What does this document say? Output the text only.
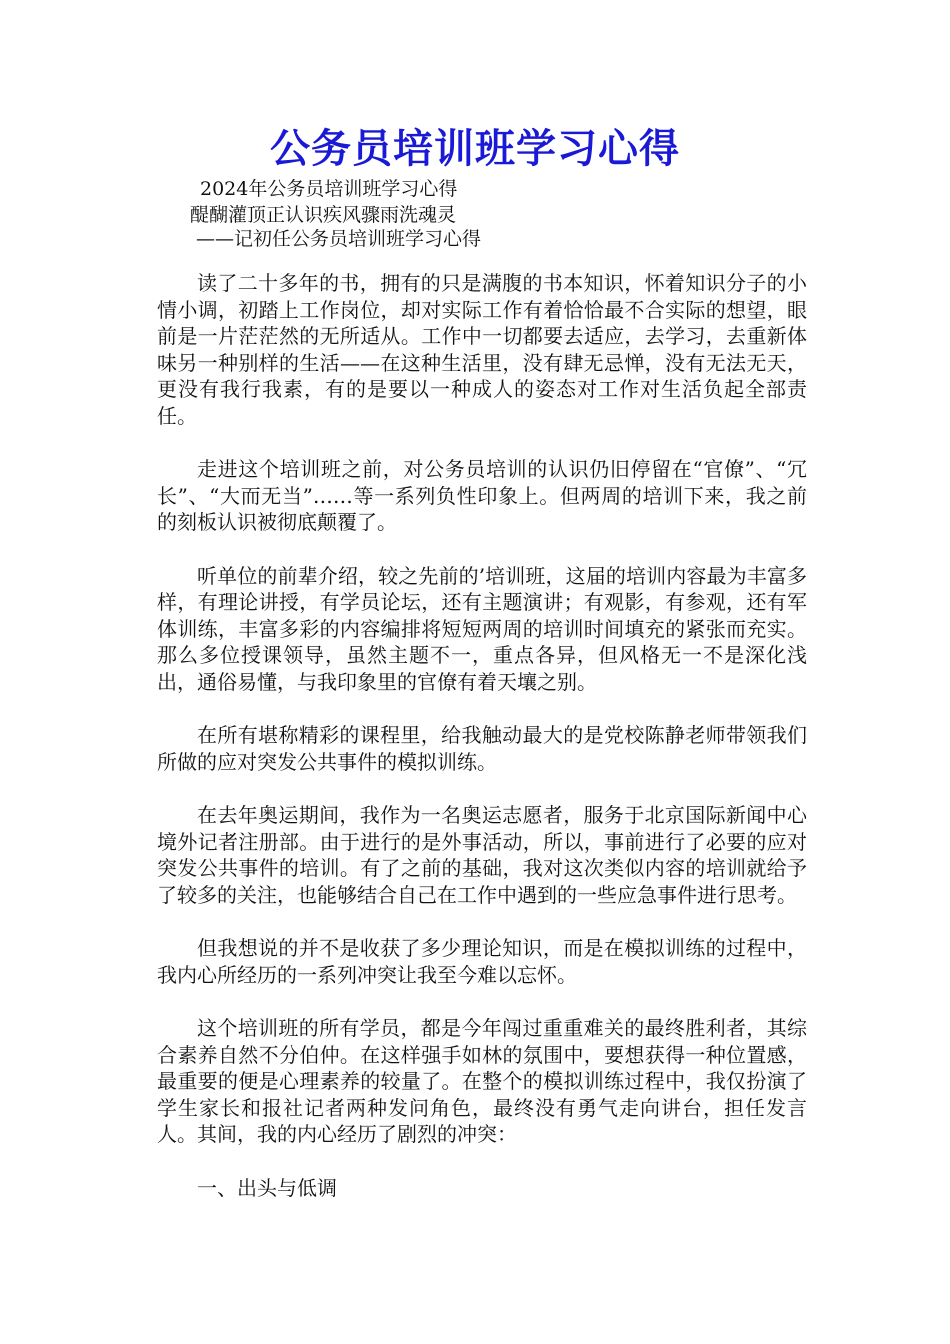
公务员培训班学习心得
2024年公务员培训班学习心得
醍醐灌顶正认识疾风骤雨洗魂灵
——记初任公务员培训班学习心得

读了二十多年的书，拥有的只是满腹的书本知识，怀着知识分子的小情小调，初踏上工作岗位，却对实际工作有着恰恰最不合实际的想望，眼前是一片茫茫然的无所适从。工作中一切都要去适应，去学习，去重新体味另一种别样的生活——在这种生活里，没有肆无忌惮，没有无法无天，更没有我行我素，有的是要以一种成人的姿态对工作对生活负起全部责任。

走进这个培训班之前，对公务员培训的认识仍旧停留在“官僚”、“冗长”、“大而无当”……等一系列负性印象上。但两周的培训下来，我之前的刻板认识被彻底颠覆了。

听单位的前辈介绍，较之先前的’培训班，这届的培训内容最为丰富多样，有理论讲授，有学员论坛，还有主题演讲；有观影，有参观，还有军体训练，丰富多彩的内容编排将短短两周的培训时间填充的紧张而充实。那么多位授课领导，虽然主题不一，重点各异，但风格无一不是深化浅出，通俗易懂，与我印象里的官僚有着天壤之别。

在所有堪称精彩的课程里，给我触动最大的是党校陈静老师带领我们所做的应对突发公共事件的模拟训练。

在去年奥运期间，我作为一名奥运志愿者，服务于北京国际新闻中心境外记者注册部。由于进行的是外事活动，所以，事前进行了必要的应对突发公共事件的培训。有了之前的基础，我对这次类似内容的培训就给予了较多的关注，也能够结合自己在工作中遇到的一些应急事件进行思考。

但我想说的并不是收获了多少理论知识，而是在模拟训练的过程中，我内心所经历的一系列冲突让我至今难以忘怀。

这个培训班的所有学员，都是今年闯过重重难关的最终胜利者，其综合素养自然不分伯仲。在这样强手如林的氛围中，要想获得一种位置感，最重要的便是心理素养的较量了。在整个的模拟训练过程中，我仅扮演了学生家长和报社记者两种发问角色，最终没有勇气走向讲台，担任发言人。其间，我的内心经历了剧烈的冲突：

一、出头与低调
